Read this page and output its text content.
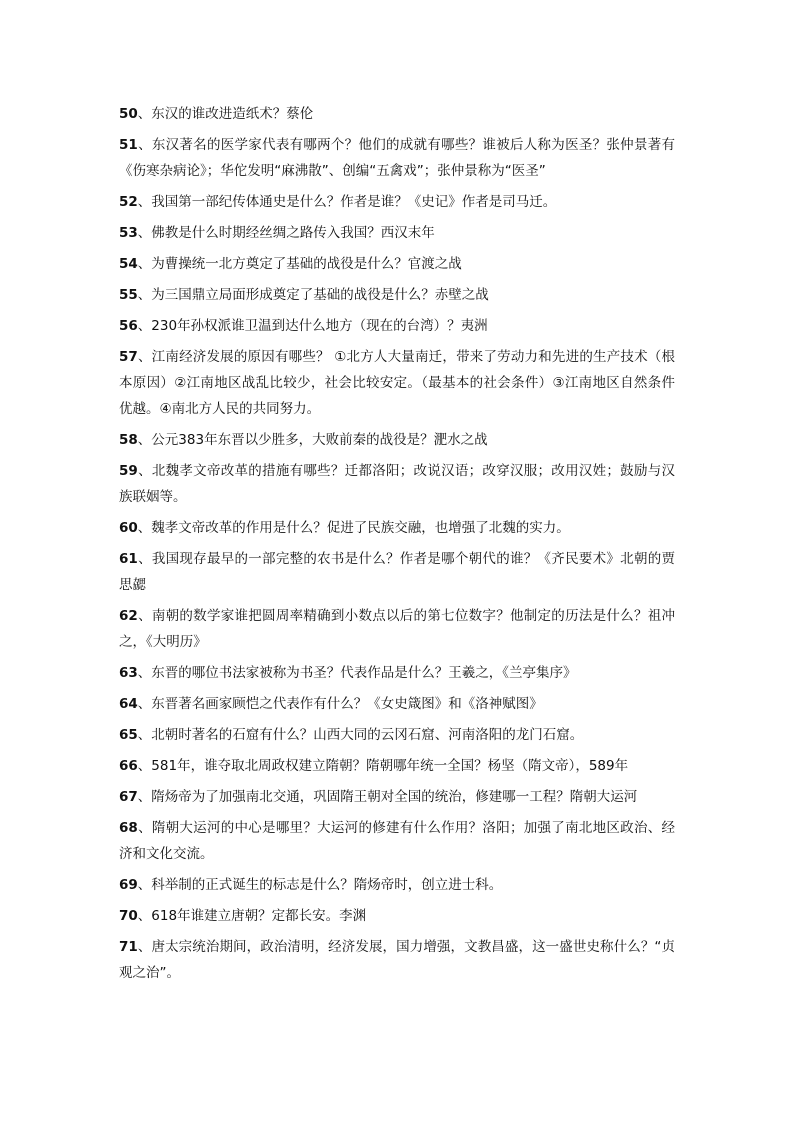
50、东汉的谁改进造纸术？蔡伦

51、东汉著名的医学家代表有哪两个？他们的成就有哪些？谁被后人称为医圣？张仲景著有《伤寒杂病论》；华佗发明“麻沸散”、创编“五禽戏”；张仲景称为“医圣”

52、我国第一部纪传体通史是什么？作者是谁？《史记》作者是司马迁。

53、佛教是什么时期经丝绸之路传入我国？西汉末年

54、为曹操统一北方奠定了基础的战役是什么？官渡之战

55、为三国鼎立局面形成奠定了基础的战役是什么？赤壁之战

56、230年孙权派谁卫温到达什么地方（现在的台湾）？夷洲

57、江南经济发展的原因有哪些？ ①北方人大量南迁，带来了劳动力和先进的生产技术（根本原因）②江南地区战乱比较少，社会比较安定。（最基本的社会条件）③江南地区自然条件优越。④南北方人民的共同努力。

58、公元383年东晋以少胜多，大败前秦的战役是？淝水之战

59、北魏孝文帝改革的措施有哪些？迁都洛阳；改说汉语；改穿汉服；改用汉姓；鼓励与汉族联姻等。

60、魏孝文帝改革的作用是什么？促进了民族交融，也增强了北魏的实力。

61、我国现存最早的一部完整的农书是什么？作者是哪个朝代的谁？《齐民要术》北朝的贾思勰

62、南朝的数学家谁把圆周率精确到小数点以后的第七位数字？他制定的历法是什么？祖冲之，《大明历》

63、东晋的哪位书法家被称为书圣？代表作品是什么？王羲之，《兰亭集序》

64、东晋著名画家顾恺之代表作有什么？《女史箴图》和《洛神赋图》

65、北朝时著名的石窟有什么？山西大同的云冈石窟、河南洛阳的龙门石窟。

66、581年，谁夺取北周政权建立隋朝？隋朝哪年统一全国？杨坚（隋文帝），589年

67、隋炀帝为了加强南北交通，巩固隋王朝对全国的统治，修建哪一工程？隋朝大运河

68、隋朝大运河的中心是哪里？大运河的修建有什么作用？洛阳；加强了南北地区政治、经济和文化交流。

69、科举制的正式诞生的标志是什么？隋炀帝时，创立进士科。

70、618年谁建立唐朝？定都长安。李渊

71、唐太宗统治期间，政治清明，经济发展，国力增强，文教昌盛，这一盛世史称什么？“贞观之治”。
